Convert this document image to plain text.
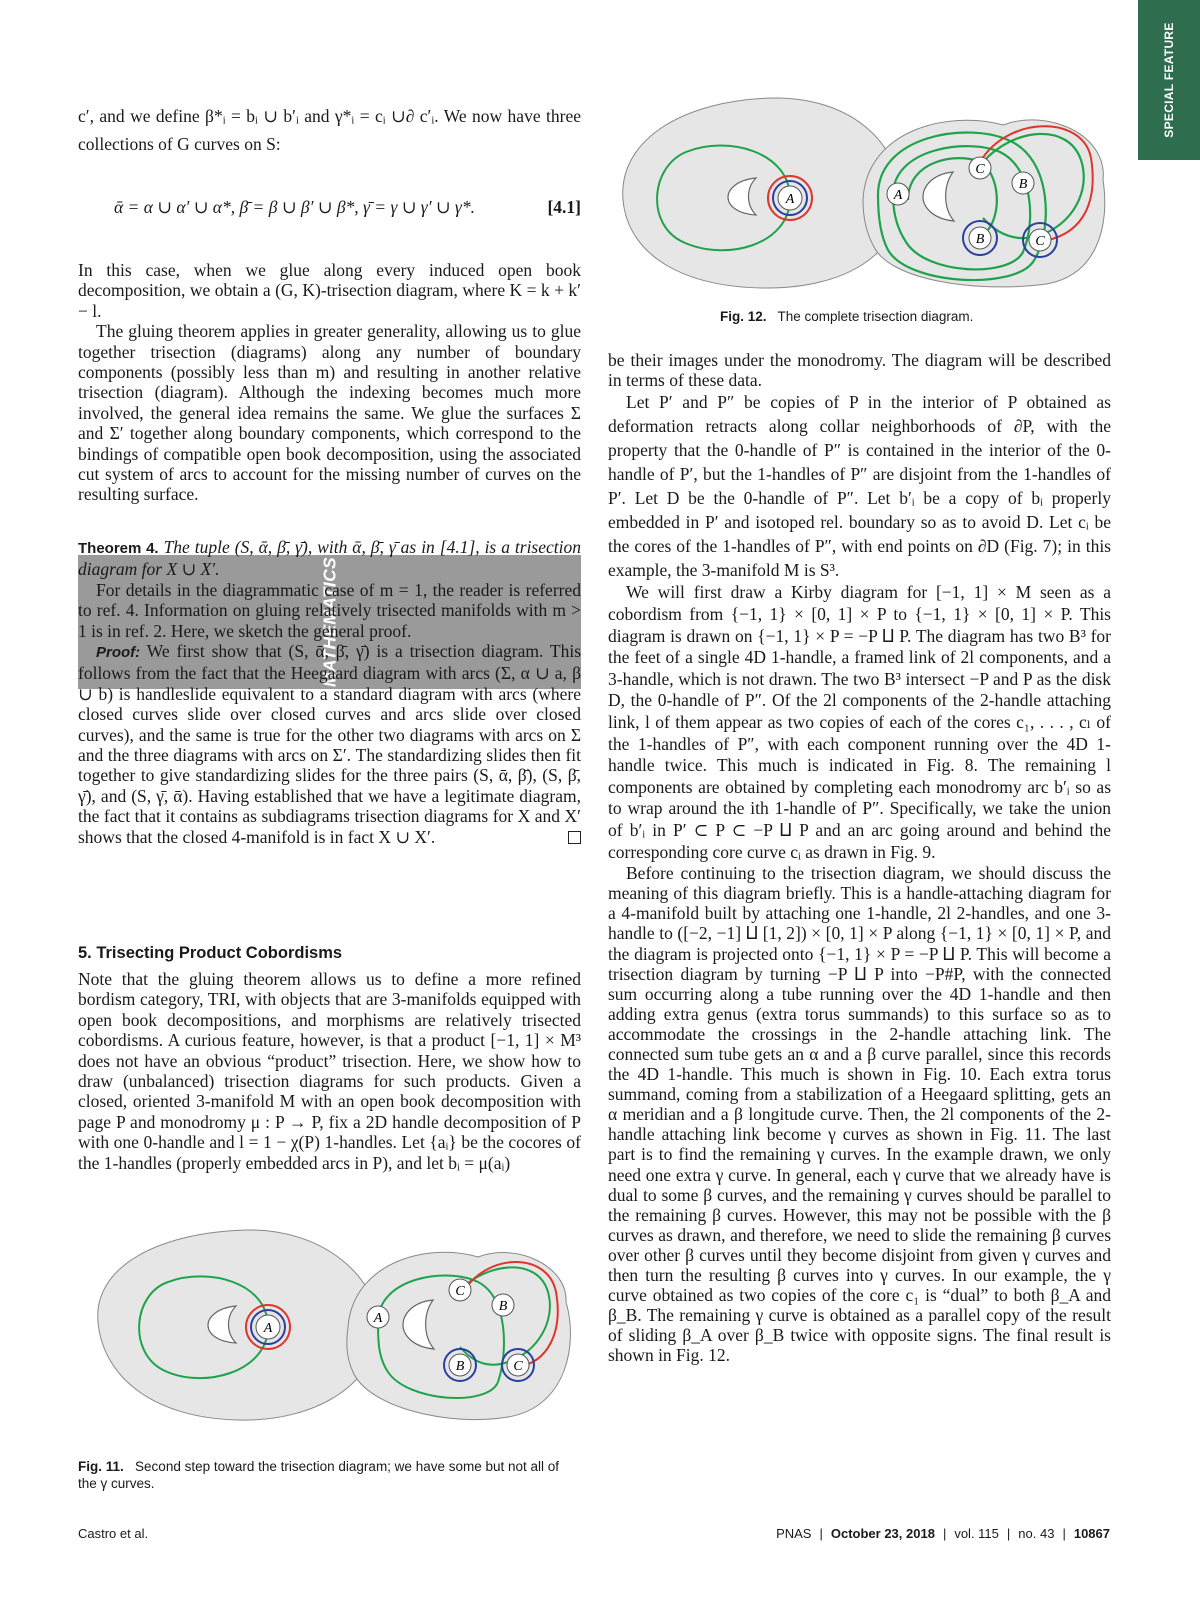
SPECIAL FEATURE
MATHEMATICS

c′, and we define β*ᵢ = bᵢ ∪ b′ᵢ and γ*ᵢ = cᵢ ∪∂ c′ᵢ. We now have three collections of G curves on S:

ᾱ = α ∪ α′ ∪ α*, β̄ = β ∪ β′ ∪ β*, γ̄ = γ ∪ γ′ ∪ γ*.	[4.1]

In this case, when we glue along every induced open book decomposition, we obtain a (G, K)-trisection diagram, where K = k + k′ − l.

The gluing theorem applies in greater generality, allowing us to glue together trisection (diagrams) along any number of boundary components (possibly less than m) and resulting in another relative trisection (diagram). Although the indexing becomes much more involved, the general idea remains the same. We glue the surfaces Σ and Σ′ together along boundary components, which correspond to the bindings of compatible open book decomposition, using the associated cut system of arcs to account for the missing number of curves on the resulting surface.

Theorem 4. The tuple (S, ᾱ, β̄, γ̄), with ᾱ, β̄, γ̄ as in [4.1], is a trisection diagram for X ∪ X′.

For details in the diagrammatic case of m = 1, the reader is referred to ref. 4. Information on gluing relatively trisected manifolds with m > 1 is in ref. 2. Here, we sketch the general proof.

Proof: We first show that (S, ᾱ, β̄, γ̄) is a trisection diagram. This follows from the fact that the Heegaard diagram with arcs (Σ, α ∪ a, β ∪ b) is handleslide equivalent to a standard diagram with arcs (where closed curves slide over closed curves and arcs slide over closed curves), and the same is true for the other two diagrams with arcs on Σ and the three diagrams with arcs on Σ′. The standardizing slides then fit together to give standardizing slides for the three pairs (S, ᾱ, β̄), (S, β̄, γ̄), and (S, γ̄, ᾱ). Having established that we have a legitimate diagram, the fact that it contains as subdiagrams trisection diagrams for X and X′ shows that the closed 4-manifold is in fact X ∪ X′.

5. Trisecting Product Cobordisms

Note that the gluing theorem allows us to define a more refined bordism category, TRI, with objects that are 3-manifolds equipped with open book decompositions, and morphisms are relatively trisected cobordisms. A curious feature, however, is that a product [−1, 1] × M³ does not have an obvious “product” trisection. Here, we show how to draw (unbalanced) trisection diagrams for such products. Given a closed, oriented 3-manifold M with an open book decomposition with page P and monodromy μ : P → P, fix a 2D handle decomposition of P with one 0-handle and l = 1 − χ(P) 1-handles. Let {aᵢ} be the cocores of the 1-handles (properly embedded arcs in P), and let bᵢ = μ(aᵢ)

A
A
C
B
B	C
Fig. 11. Second step toward the trisection diagram; we have some but not all of the γ curves.
A	A
C
B
B	C
Fig. 12. The complete trisection diagram.

be their images under the monodromy. The diagram will be described in terms of these data.

Let P′ and P″ be copies of P in the interior of P obtained as deformation retracts along collar neighborhoods of ∂P, with the property that the 0-handle of P″ is contained in the interior of the 0-handle of P′, but the 1-handles of P″ are disjoint from the 1-handles of P′. Let D be the 0-handle of P″. Let b′ᵢ be a copy of bᵢ properly embedded in P′ and isotoped rel. boundary so as to avoid D. Let cᵢ be the cores of the 1-handles of P″, with end points on ∂D (Fig. 7); in this example, the 3-manifold M is S³.

We will first draw a Kirby diagram for [−1, 1] × M seen as a cobordism from {−1, 1} × [0, 1] × P to {−1, 1} × [0, 1] × P. This diagram is drawn on {−1, 1} × P = −P ⨿ P. The diagram has two B³ for the feet of a single 4D 1-handle, a framed link of 2l components, and a 3-handle, which is not drawn. The two B³ intersect −P and P as the disk D, the 0-handle of P″. Of the 2l components of the 2-handle attaching link, l of them appear as two copies of each of the cores c₁, . . . , cₗ of the 1-handles of P″, with each component running over the 4D 1-handle twice. This much is indicated in Fig. 8. The remaining l components are obtained by completing each monodromy arc b′ᵢ so as to wrap around the ith 1-handle of P″. Specifically, we take the union of b′ᵢ in P′ ⊂ P ⊂ −P ⨿ P and an arc going around and behind the corresponding core curve cᵢ as drawn in Fig. 9.

Before continuing to the trisection diagram, we should discuss the meaning of this diagram briefly. This is a handle-attaching diagram for a 4-manifold built by attaching one 1-handle, 2l 2-handles, and one 3-handle to ([−2, −1] ⨿ [1, 2]) × [0, 1] × P along {−1, 1} × [0, 1] × P, and the diagram is projected onto {−1, 1} × P = −P ⨿ P. This will become a trisection diagram by turning −P ⨿ P into −P#P, with the connected sum occurring along a tube running over the 4D 1-handle and then adding extra genus (extra torus summands) to this surface so as to accommodate the crossings in the 2-handle attaching link. The connected sum tube gets an α and a β curve parallel, since this records the 4D 1-handle. This much is shown in Fig. 10. Each extra torus summand, coming from a stabilization of a Heegaard splitting, gets an α meridian and a β longitude curve. Then, the 2l components of the 2-handle attaching link become γ curves as shown in Fig. 11. The last part is to find the remaining γ curves. In the example drawn, we only need one extra γ curve. In general, each γ curve that we already have is dual to some β curves, and the remaining γ curves should be parallel to the remaining β curves. However, this may not be possible with the β curves as drawn, and therefore, we need to slide the remaining β curves over other β curves until they become disjoint from given γ curves and then turn the resulting β curves into γ curves. In our example, the γ curve obtained as two copies of the core c₁ is “dual” to both β_A and β_B. The remaining γ curve is obtained as a parallel copy of the result of sliding β_A over β_B twice with opposite signs. The final result is shown in Fig. 12.

Castro et al.	PNAS | October 23, 2018 | vol. 115 | no. 43 | 10867
